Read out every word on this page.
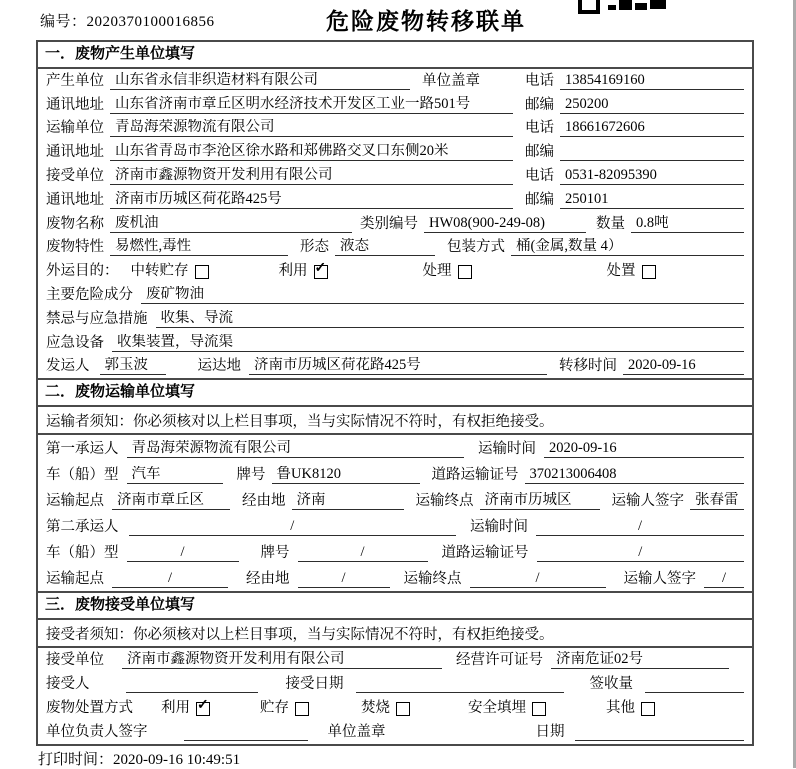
编号：2020370100016856	危险废物转移联单
一．废物产生单位填写
产生单位 山东省永信非织造材料有限公司	单位盖章	电话 13854169160
通讯地址 山东省济南市章丘区明水经济技术开发区工业一路501号	邮编 250200
运输单位 青岛海荣源物流有限公司	电话 18661672606
通讯地址 山东省青岛市李沧区徐水路和郑佛路交叉口东侧20米	邮编
接受单位 济南市鑫源物资开发利用有限公司	电话 0531-82095390
通讯地址 济南市历城区荷花路425号	邮编 250101
废物名称 废机油	类别编号 HW08(900-249-08)	数量 0.8吨
废物特性 易燃性,毒性	形态 液态	包装方式 桶(金属,数量 4）
外运目的： 中转贮存	利用 ✓	处理	处置
主要危险成分 废矿物油
禁忌与应急措施 收集、导流
应急设备 收集装置，导流渠
发运人	郭玉波	运达地 济南市历城区荷花路425号	转移时间 2020-09-16
二．废物运输单位填写
运输者须知：你必须核对以上栏目事项，当与实际情况不符时，有权拒绝接受。
第一承运人 青岛海荣源物流有限公司	运输时间 2020-09-16
车（船）型 汽车	牌号 鲁UK8120	道路运输证号 370213006408
运输起点 济南市章丘区	经由地 济南	运输终点 济南市历城区	运输人签字 张春雷
第二承运人	/	运输时间	/
车（船）型	/	牌号	/	道路运输证号	/
运输起点	/	经由地	/	运输终点	/	运输人签字	/
三．废物接受单位填写
接受者须知：你必须核对以上栏目事项，当与实际情况不符时，有权拒绝接受。
接受单位	济南市鑫源物资开发利用有限公司	经营许可证号 济南危证02号
接受人	接受日期	签收量
废物处置方式 利用 ✓	贮存	焚烧	安全填埋	其他
单位负责人签字	单位盖章	日期
打印时间：2020-09-16 10:49:51
